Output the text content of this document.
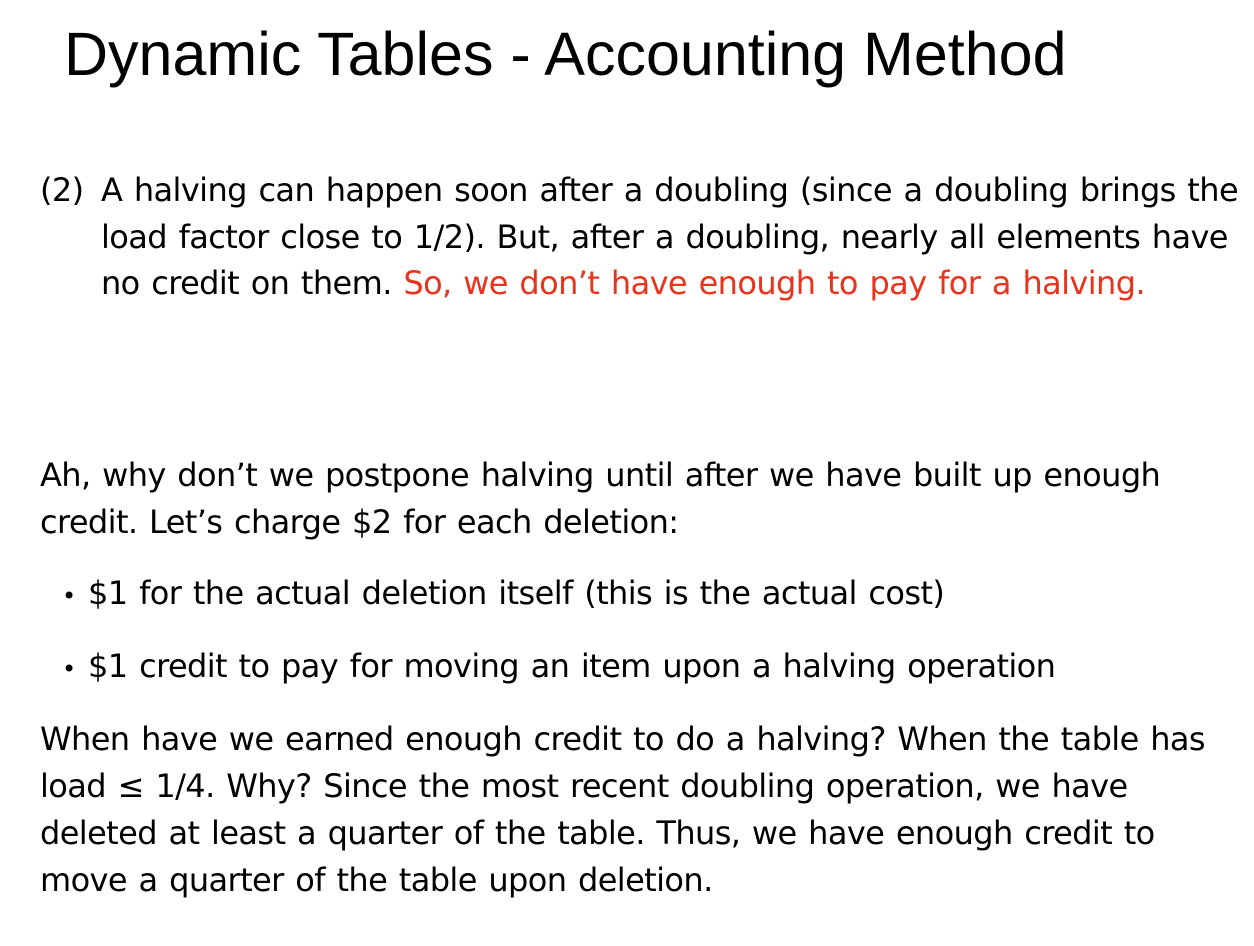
Dynamic Tables - Accounting Method
(2) A halving can happen soon after a doubling (since a doubling brings the load factor close to 1/2). But, after a doubling, nearly all elements have no credit on them. So, we don’t have enough to pay for a halving.

Ah, why don’t we postpone halving until after we have built up enough credit. Let’s charge $2 for each deletion:

• $1 for the actual deletion itself (this is the actual cost)
• $1 credit to pay for moving an item upon a halving operation

When have we earned enough credit to do a halving? When the table has load ≤ 1/4. Why? Since the most recent doubling operation, we have deleted at least a quarter of the table. Thus, we have enough credit to move a quarter of the table upon deletion.
